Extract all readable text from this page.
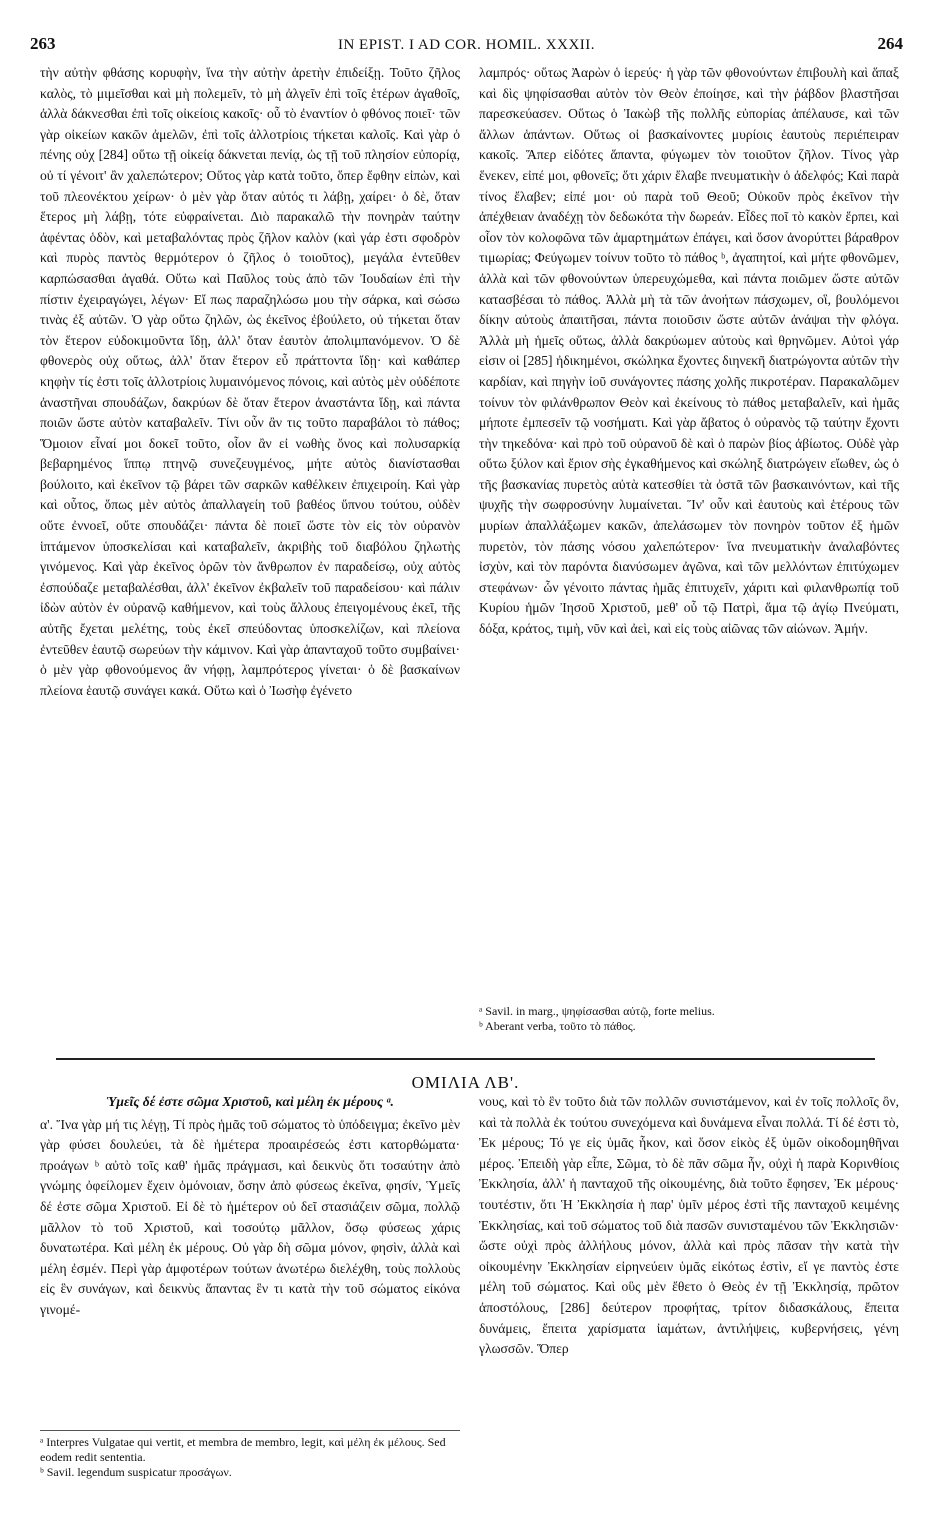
263	IN EPIST. I AD COR. HOMIL. XXXII.	264

τὴν αὐτὴν φθάσης κορυφὴν, ἵνα τὴν αὐτὴν ἀρετὴν ἐπιδείξῃ. Τοῦτο ζῆλος καλὸς, τὸ μιμεῖσθαι καὶ μὴ πολεμεῖν, τὸ μὴ ἀλγεῖν ἐπὶ τοῖς ἑτέρων ἀγαθοῖς, ἀλλὰ δάκνεσθαι ἐπὶ τοῖς οἰκείοις κακοῖς· οὗ τὸ ἐναντίον ὁ φθόνος ποιεῖ· τῶν γὰρ οἰκείων κακῶν ἀμελῶν, ἐπὶ τοῖς ἀλλοτρίοις τήκεται καλοῖς. Καὶ γὰρ ὁ πένης οὐχ [284] οὕτω τῇ οἰκείᾳ δάκνεται πενίᾳ, ὡς τῇ τοῦ πλησίον εὐπορίᾳ, οὐ τί γένοιτ' ἂν χαλεπώτερον; Οὕτος γὰρ κατὰ τοῦτο, ὅπερ ἔφθην εἰπὼν, καὶ τοῦ πλεονέκτου χείρων· ὁ μὲν γὰρ ὅταν αὐτός τι λάβῃ, χαίρει· ὁ δὲ, ὅταν ἕτερος μὴ λάβῃ, τότε εὐφραίνεται. Διὸ παρακαλῶ τὴν πονηρὰν ταύτην ἀφέντας ὁδὸν, καὶ μεταβαλόντας πρὸς ζῆλον καλὸν (καὶ γάρ ἐστι σφοδρὸν καὶ πυρὸς παντὸς θερμότερον ὁ ζῆλος ὁ τοιοῦτος), μεγάλα ἐντεῦθεν καρπώσασθαι ἀγαθά. Οὕτω καὶ Παῦλος τοὺς ἀπὸ τῶν Ἰουδαίων ἐπὶ τὴν πίστιν ἐχειραγώγει, λέγων· Εἴ πως παραζηλώσω μου τὴν σάρκα, καὶ σώσω τινὰς ἐξ αὐτῶν. Ὁ γὰρ οὕτω ζηλῶν, ὡς ἐκεῖνος ἐβούλετο, οὐ τήκεται ὅταν τὸν ἕτερον εὐδοκιμοῦντα ἴδῃ, ἀλλ' ὅταν ἑαυτὸν ἀπολιμπανόμενον. Ὁ δὲ φθονερὸς οὐχ οὕτως, ἀλλ' ὅταν ἕτερον εὖ πράττοντα ἴδῃ· καὶ καθάπερ κηφὴν τίς ἐστι τοῖς ἀλλοτρίοις λυμαινόμενος πόνοις, καὶ αὐτὸς μὲν οὐδέποτε ἀναστῆναι σπουδάζων, δακρύων δὲ ὅταν ἕτερον ἀναστάντα ἴδῃ, καὶ πάντα ποιῶν ὥστε αὐτὸν καταβαλεῖν. Τίνι οὖν ἂν τις τοῦτο παραβάλοι τὸ πάθος; Ὅμοιον εἶναί μοι δοκεῖ τοῦτο, οἷον ἂν εἰ νωθὴς ὄνος καὶ πολυσαρκίᾳ βεβαρημένος ἵππῳ πτηνῷ συνεζευγμένος, μήτε αὐτὸς διανίστασθαι βούλοιτο, καὶ ἐκεῖνον τῷ βάρει τῶν σαρκῶν καθέλκειν ἐπιχειροίη. Καὶ γὰρ καὶ οὗτος, ὅπως μὲν αὐτὸς ἀπαλλαγείη τοῦ βαθέος ὕπνου τούτου, οὐδὲν οὔτε ἐννοεῖ, οὔτε σπουδάζει· πάντα δὲ ποιεῖ ὥστε τὸν εἰς τὸν οὐρανὸν ἱπτάμενον ὑποσκελίσαι καὶ καταβαλεῖν, ἀκριβὴς τοῦ διαβόλου ζηλωτὴς γινόμενος. Καὶ γὰρ ἐκεῖνος ὁρῶν τὸν ἄνθρωπον ἐν παραδείσῳ, οὐχ αὐτὸς ἐσπούδαζε μεταβαλέσθαι, ἀλλ' ἐκεῖνον ἐκβαλεῖν τοῦ παραδείσου· καὶ πάλιν ἰδὼν αὐτὸν ἐν οὐρανῷ καθήμενον, καὶ τοὺς ἄλλους ἐπειγομένους ἐκεῖ, τῆς αὐτῆς ἔχεται μελέτης, τοὺς ἐκεῖ σπεύδοντας ὑποσκελίζων, καὶ πλείονα ἐντεῦθεν ἑαυτῷ σωρεύων τὴν κάμινον. Καὶ γὰρ ἁπανταχοῦ τοῦτο συμβαίνει· ὁ μὲν γὰρ φθονούμενος ἂν νήφῃ, λαμπρότερος γίνεται· ὁ δὲ βασκαίνων πλείονα ἑαυτῷ συνάγει κακά. Οὕτω καὶ ὁ Ἰωσὴφ ἐγένετο

λαμπρός· οὕτως Ἀαρὼν ὁ ἱερεύς· ἡ γὰρ τῶν φθονούντων ἐπιβουλὴ καὶ ἅπαξ καὶ δὶς ψηφίσασθαι αὐτὸν τὸν Θεὸν ἐποίησε, καὶ τὴν ῥάβδον βλαστῆσαι παρεσκεύασεν. Οὕτως ὁ Ἰακὼβ τῆς πολλῆς εὐπορίας ἀπέλαυσε, καὶ τῶν ἄλλων ἁπάντων. Οὕτως οἱ βασκαίνοντες μυρίοις ἑαυτοὺς περιέπειραν κακοῖς. Ἅπερ εἰδότες ἅπαντα, φύγωμεν τὸν τοιοῦτον ζῆλον. Τίνος γὰρ ἕνεκεν, εἰπέ μοι, φθονεῖς; ὅτι χάριν ἔλαβε πνευματικὴν ὁ ἀδελφός; Καὶ παρὰ τίνος ἔλαβεν; εἰπέ μοι· οὐ παρὰ τοῦ Θεοῦ; Οὐκοῦν πρὸς ἐκεῖνον τὴν ἀπέχθειαν ἀναδέχῃ τὸν δεδωκότα τὴν δωρεάν. Εἶδες ποῖ τὸ κακὸν ἕρπει, καὶ οἷον τὸν κολοφῶνα τῶν ἁμαρτημάτων ἐπάγει, καὶ ὅσον ἀνορύττει βάραθρον τιμωρίας; Φεύγωμεν τοίνυν τοῦτο τὸ πάθος ᵇ, ἀγαπητοί, καὶ μήτε φθονῶμεν, ἀλλὰ καὶ τῶν φθονούντων ὑπερευχώμεθα, καὶ πάντα ποιῶμεν ὥστε αὐτῶν κατασβέσαι τὸ πάθος. Ἀλλὰ μὴ τὰ τῶν ἀνοήτων πάσχωμεν, οἳ, βουλόμενοι δίκην αὐτοὺς ἀπαιτῆσαι, πάντα ποιοῦσιν ὥστε αὐτῶν ἀνάψαι τὴν φλόγα. Ἀλλὰ μὴ ἡμεῖς οὕτως, ἀλλὰ δακρύωμεν αὐτοὺς καὶ θρηνῶμεν. Αὐτοὶ γάρ εἰσιν οἱ [285] ἠδικημένοι, σκώληκα ἔχοντες διηνεκῆ διατρώγοντα αὐτῶν τὴν καρδίαν, καὶ πηγὴν ἰοῦ συνάγοντες πάσης χολῆς πικροτέραν. Παρακαλῶμεν τοίνυν τὸν φιλάνθρωπον Θεὸν καὶ ἐκείνους τὸ πάθος μεταβαλεῖν, καὶ ἡμᾶς μήποτε ἐμπεσεῖν τῷ νοσήματι. Καὶ γὰρ ἄβατος ὁ οὐρανὸς τῷ ταύτην ἔχοντι τὴν τηκεδόνα· καὶ πρὸ τοῦ οὐρανοῦ δὲ καὶ ὁ παρὼν βίος ἀβίωτος. Οὐδὲ γὰρ οὕτω ξύλον καὶ ἔριον σὴς ἐγκαθήμενος καὶ σκώληξ διατρώγειν εἴωθεν, ὡς ὁ τῆς βασκανίας πυρετὸς αὐτὰ κατεσθίει τὰ ὀστᾶ τῶν βασκαινόντων, καὶ τῆς ψυχῆς τὴν σωφροσύνην λυμαίνεται. Ἵν' οὖν καὶ ἑαυτοὺς καὶ ἑτέρους τῶν μυρίων ἀπαλλάξωμεν κακῶν, ἀπελάσωμεν τὸν πονηρὸν τοῦτον ἐξ ἡμῶν πυρετὸν, τὸν πάσης νόσου χαλεπώτερον· ἵνα πνευματικὴν ἀναλαβόντες ἰσχὺν, καὶ τὸν παρόντα διανύσωμεν ἀγῶνα, καὶ τῶν μελλόντων ἐπιτύχωμεν στεφάνων· ὧν γένοιτο πάντας ἡμᾶς ἐπιτυχεῖν, χάριτι καὶ φιλανθρωπίᾳ τοῦ Κυρίου ἡμῶν Ἰησοῦ Χριστοῦ, μεθ' οὗ τῷ Πατρὶ, ἅμα τῷ ἁγίῳ Πνεύματι, δόξα, κράτος, τιμὴ, νῦν καὶ ἀεὶ, καὶ εἰς τοὺς αἰῶνας τῶν αἰώνων. Ἀμήν.

ᵃ Savil. in marg., ψηφίσασθαι αὐτῷ, forte melius.

ᵇ Aberant verba, τοῦτο τὸ πάθος.

ΟΜΙΛΙΑ ΛΒ'.
Ὑμεῖς δέ ἐστε σῶμα Χριστοῦ, καὶ μέλη ἐκ μέρους ᵃ.

α'. Ἵνα γὰρ μή τις λέγῃ, Τί πρὸς ἡμᾶς τοῦ σώματος τὸ ὑπόδειγμα; ἐκεῖνο μὲν γὰρ φύσει δουλεύει, τὰ δὲ ἡμέτερα προαιρέσεώς ἐστι κατορθώματα· προάγων ᵇ αὐτὸ τοῖς καθ' ἡμᾶς πράγμασι, καὶ δεικνὺς ὅτι τοσαύτην ἀπὸ γνώμης ὀφείλομεν ἔχειν ὁμόνοιαν, ὅσην ἀπὸ φύσεως ἐκεῖνα, φησίν, Ὑμεῖς δέ ἐστε σῶμα Χριστοῦ. Εἰ δὲ τὸ ἡμέτερον οὐ δεῖ στασιάζειν σῶμα, πολλῷ μᾶλλον τὸ τοῦ Χριστοῦ, καὶ τοσούτῳ μᾶλλον, ὅσῳ φύσεως χάρις δυνατωτέρα. Καὶ μέλη ἐκ μέρους. Οὐ γὰρ δὴ σῶμα μόνον, φησὶν, ἀλλὰ καὶ μέλη ἐσμέν. Περὶ γὰρ ἀμφοτέρων τούτων ἀνωτέρω διελέχθη, τοὺς πολλοὺς εἰς ἓν συνάγων, καὶ δεικνὺς ἅπαντας ἓν τι κατὰ τὴν τοῦ σώματος εἰκόνα γινομέ-

νους, καὶ τὸ ἓν τοῦτο διὰ τῶν πολλῶν συνιστάμενον, καὶ ἐν τοῖς πολλοῖς ὂν, καὶ τὰ πολλὰ ἐκ τούτου συνεχόμενα καὶ δυνάμενα εἶναι πολλά. Τί δέ ἐστι τὸ, Ἐκ μέρους; Τό γε εἰς ὑμᾶς ἧκον, καὶ ὅσον εἰκὸς ἐξ ὑμῶν οἰκοδομηθῆναι μέρος. Ἐπειδὴ γὰρ εἶπε, Σῶμα, τὸ δὲ πᾶν σῶμα ἦν, οὐχὶ ἡ παρὰ Κορινθίοις Ἐκκλησία, ἀλλ' ἡ πανταχοῦ τῆς οἰκουμένης, διὰ τοῦτο ἔφησεν, Ἐκ μέρους· τουτέστιν, ὅτι Ἡ Ἐκκλησία ἡ παρ' ὑμῖν μέρος ἐστὶ τῆς πανταχοῦ κειμένης Ἐκκλησίας, καὶ τοῦ σώματος τοῦ διὰ πασῶν συνισταμένου τῶν Ἐκκλησιῶν· ὥστε οὐχὶ πρὸς ἀλλήλους μόνον, ἀλλὰ καὶ πρὸς πᾶσαν τὴν κατὰ τὴν οἰκουμένην Ἐκκλησίαν εἰρηνεύειν ὑμᾶς εἰκότως ἐστὶν, εἴ γε παντὸς ἐστε μέλη τοῦ σώματος. Καὶ οὓς μὲν ἔθετο ὁ Θεὸς ἐν τῇ Ἐκκλησίᾳ, πρῶτον ἀποστόλους, [286] δεύτερον προφήτας, τρίτον διδασκάλους, ἔπειτα δυνάμεις, ἔπειτα χαρίσματα ἰαμάτων, ἀντιλήψεις, κυβερνήσεις, γένη γλωσσῶν. Ὅπερ

ᵃ Interpres Vulgatae qui vertit, et membra de membro, legit, καὶ μέλη ἐκ μέλους. Sed eodem redit sententia.

ᵇ Savil. legendum suspicatur προσάγων.
